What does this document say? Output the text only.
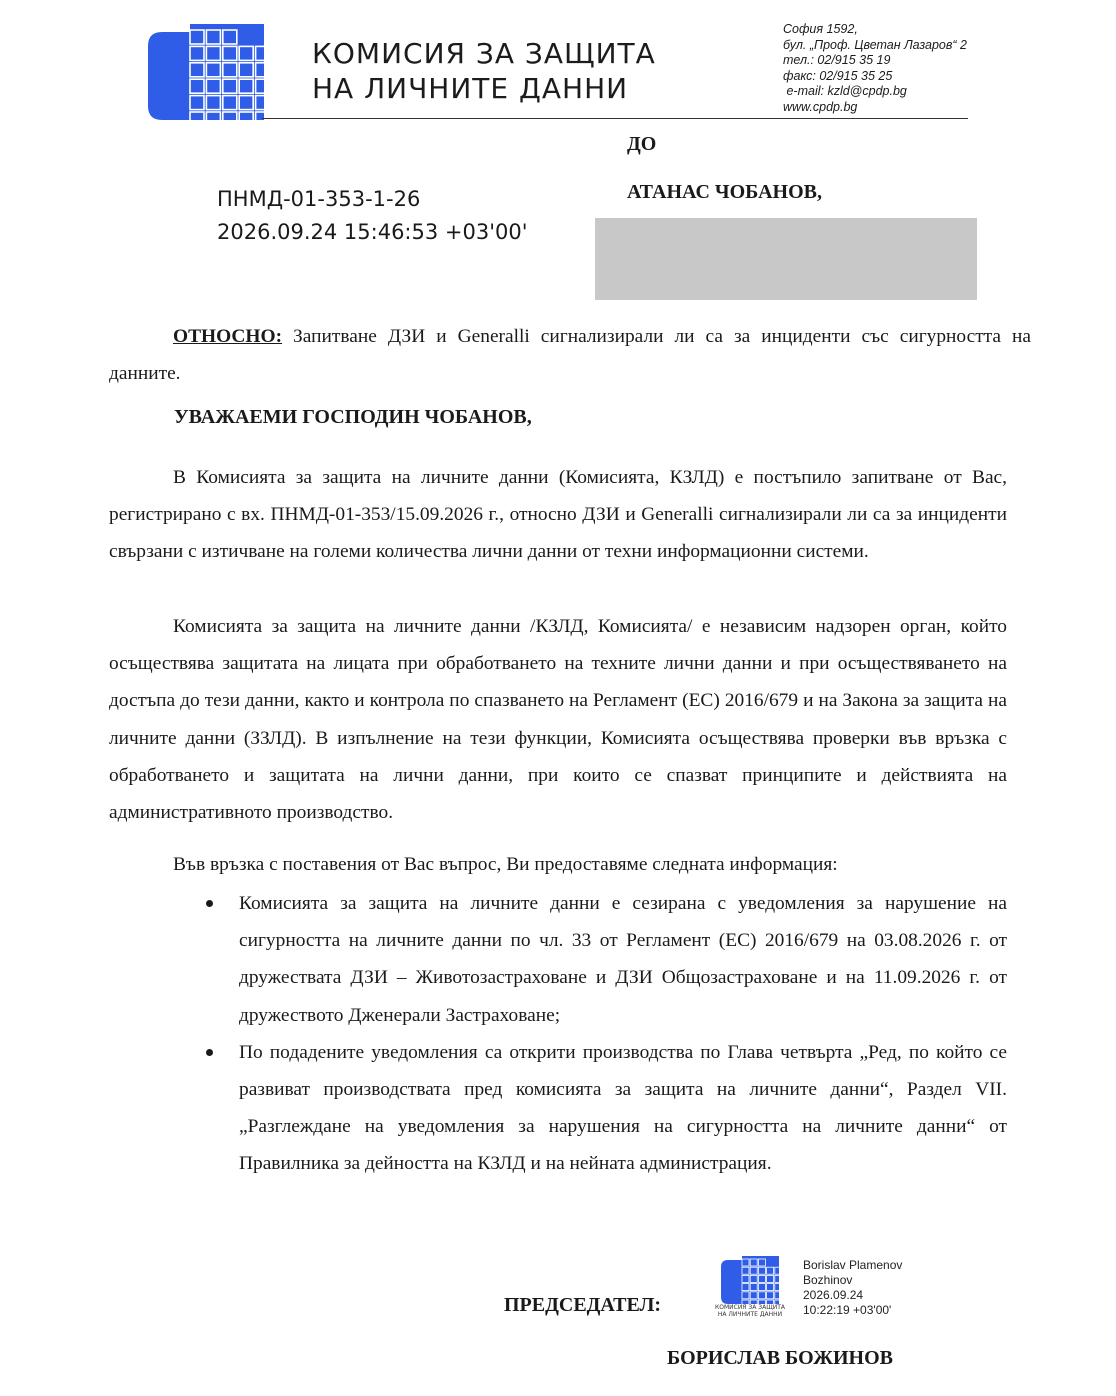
КОМИСИЯ ЗА ЗАЩИТА
НА ЛИЧНИТЕ ДАННИ
София 1592,
бул. „Проф. Цветан Лазаров“ 2
тел.: 02/915 35 19
факс: 02/915 35 25
e-mail: kzld@cpdp.bg
www.cpdp.bg
ДО
АТАНАС ЧОБАНОВ,
ПНМД-01-353-1-26
2026.09.24 15:46:53 +03'00'
ОТНОСНО: Запитване ДЗИ и Generalli сигнализирали ли са за инциденти със сигурността на данните.
УВАЖАЕМИ ГОСПОДИН ЧОБАНОВ,
В Комисията за защита на личните данни (Комисията, КЗЛД) е постъпило запитване от Вас, регистрирано с вх. ПНМД-01-353/15.09.2026 г., относно ДЗИ и Generalli сигнализирали ли са за инциденти свързани с изтичване на големи количества лични данни от техни информационни системи.
Комисията за защита на личните данни /КЗЛД, Комисията/ е независим надзорен орган, който осъществява защитата на лицата при обработването на техните лични данни и при осъществяването на достъпа до тези данни, както и контрола по спазването на Регламент (ЕС) 2016/679 и на Закона за защита на личните данни (ЗЗЛД). В изпълнение на тези функции, Комисията осъществява проверки във връзка с обработването и защитата на лични данни, при които се спазват принципите и действията на административното производство.
Във връзка с поставения от Вас въпрос, Ви предоставяме следната информация:
Комисията за защита на личните данни е сезирана с уведомления за нарушение на сигурността на личните данни по чл. 33 от Регламент (ЕС) 2016/679 на 03.08.2026 г. от дружествата ДЗИ – Животозастраховане и ДЗИ Общозастраховане и на 11.09.2026 г. от дружеството Дженерали Застраховане;
По подадените уведомления са открити производства по Глава четвърта „Ред, по който се развиват производствата пред комисията за защита на личните данни“, Раздел VII. „Разглеждане на уведомления за нарушения на сигурността на личните данни“ от Правилника за дейността на КЗЛД и на нейната администрация.
ПРЕДСЕДАТЕЛ:	КОМИСИЯ ЗА ЗАЩИТА
НА ЛИЧНИТЕ ДАННИ
Borislav Plamenov
Bozhinov
2026.09.24
10:22:19 +03'00'
БОРИСЛАВ БОЖИНОВ
